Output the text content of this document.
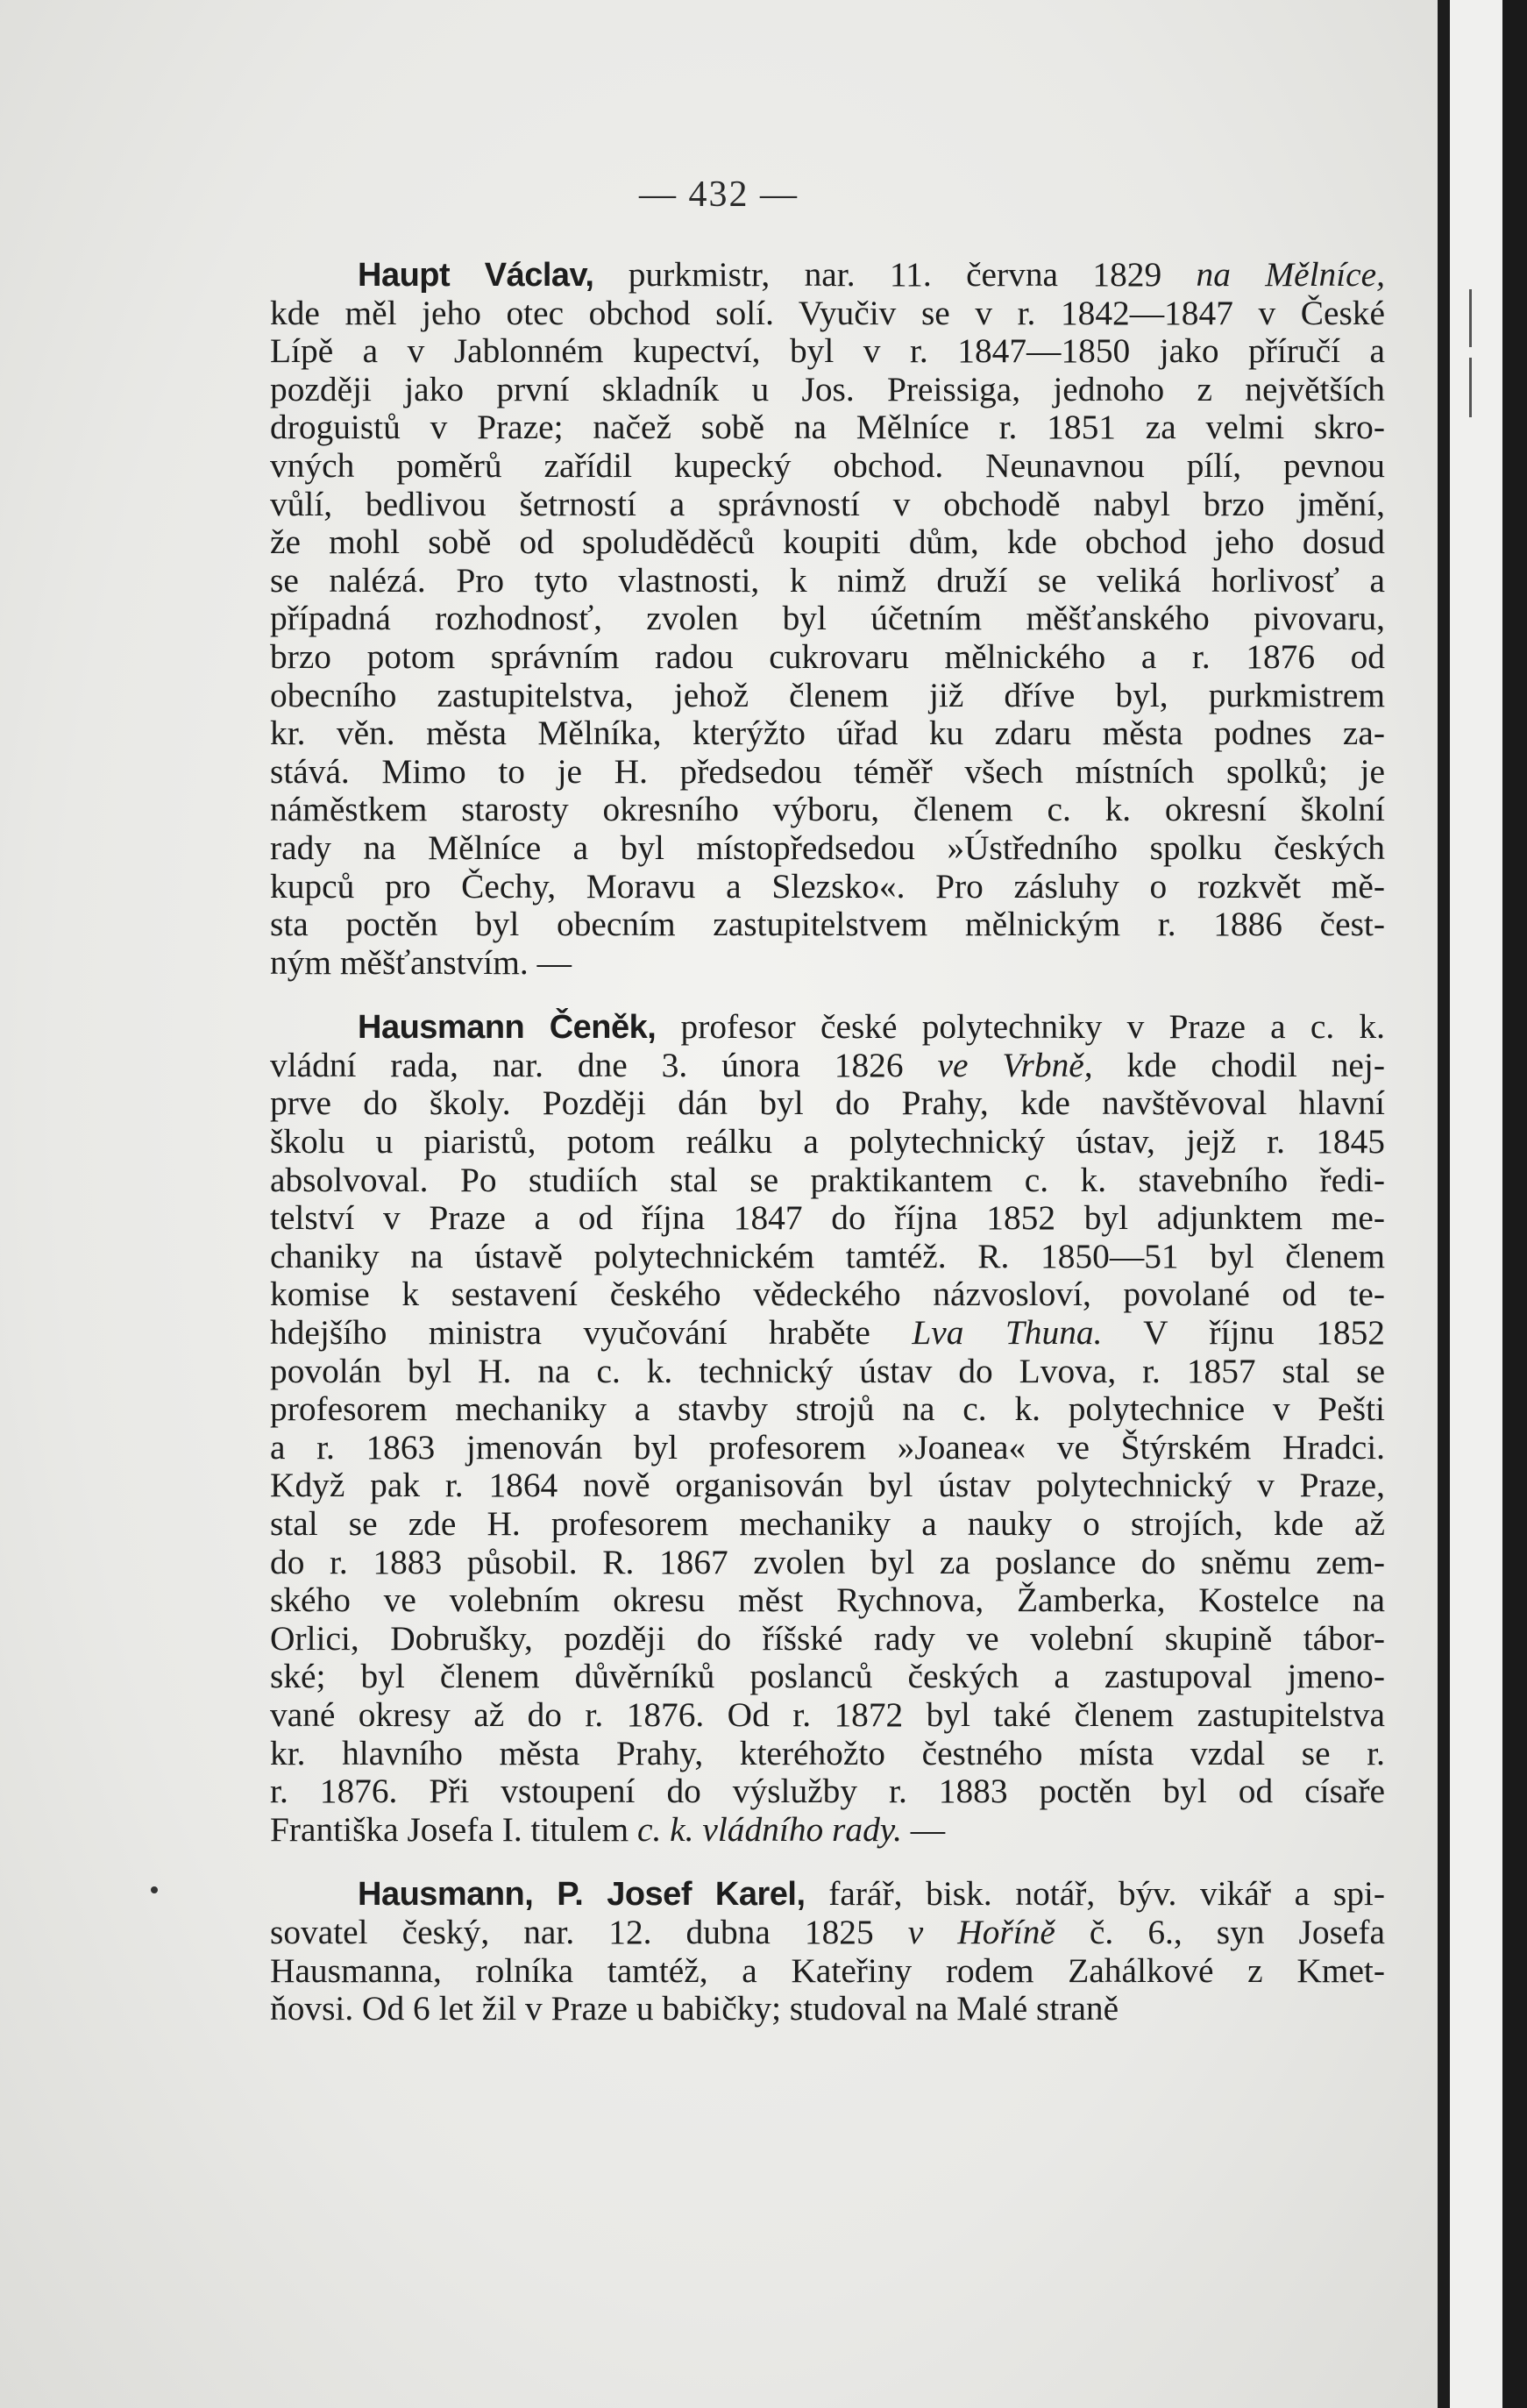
— 432 —
Haupt Václav, purkmistr, nar. 11. června 1829 na Mělníce,
kde měl jeho otec obchod solí. Vyučiv se v r. 1842—1847 v České
Lípě a v Jablonném kupectví, byl v r. 1847—1850 jako příručí a
později jako první skladník u Jos. Preissiga, jednoho z největších
droguistů v Praze; načež sobě na Mělníce r. 1851 za velmi skro-
vných poměrů zařídil kupecký obchod. Neunavnou pílí, pevnou
vůlí, bedlivou šetrností a správností v obchodě nabyl brzo jmění,
že mohl sobě od spoluděděců koupiti dům, kde obchod jeho dosud
se nalézá. Pro tyto vlastnosti, k nimž druží se veliká horlivosť a
případná rozhodnosť, zvolen byl účetním měšťanského pivovaru,
brzo potom správním radou cukrovaru mělnického a r. 1876 od
obecního zastupitelstva, jehož členem již dříve byl, purkmistrem
kr. věn. města Mělníka, kterýžto úřad ku zdaru města podnes za-
stává. Mimo to je H. předsedou téměř všech místních spolků; je
náměstkem starosty okresního výboru, členem c. k. okresní školní
rady na Mělníce a byl místopředsedou »Ústředního spolku českých
kupců pro Čechy, Moravu a Slezsko«. Pro zásluhy o rozkvět mě-
sta poctěn byl obecním zastupitelstvem mělnickým r. 1886 čest-
ným měšťanstvím. —
Hausmann Čeněk, profesor české polytechniky v Praze a c. k.
vládní rada, nar. dne 3. února 1826 ve Vrbně, kde chodil nej-
prve do školy. Později dán byl do Prahy, kde navštěvoval hlavní
školu u piaristů, potom reálku a polytechnický ústav, jejž r. 1845
absolvoval. Po studiích stal se praktikantem c. k. stavebního ředi-
telství v Praze a od října 1847 do října 1852 byl adjunktem me-
chaniky na ústavě polytechnickém tamtéž. R. 1850—51 byl členem
komise k sestavení českého vědeckého názvosloví, povolané od te-
hdejšího ministra vyučování hraběte Lva Thuna. V říjnu 1852
povolán byl H. na c. k. technický ústav do Lvova, r. 1857 stal se
profesorem mechaniky a stavby strojů na c. k. polytechnice v Pešti
a r. 1863 jmenován byl profesorem »Joanea« ve Štýrském Hradci.
Když pak r. 1864 nově organisován byl ústav polytechnický v Praze,
stal se zde H. profesorem mechaniky a nauky o strojích, kde až
do r. 1883 působil. R. 1867 zvolen byl za poslance do sněmu zem-
ského ve volebním okresu měst Rychnova, Žamberka, Kostelce na
Orlici, Dobrušky, později do říšské rady ve volební skupině tábor-
ské; byl členem důvěrníků poslanců českých a zastupoval jmeno-
vané okresy až do r. 1876. Od r. 1872 byl také členem zastupitelstva
kr. hlavního města Prahy, kteréhožto čestného místa vzdal se r.
r. 1876. Při vstoupení do výslužby r. 1883 poctěn byl od císaře
Františka Josefa I. titulem c. k. vládního rady. —
Hausmann, P. Josef Karel, farář, bisk. notář, býv. vikář a spi-
sovatel český, nar. 12. dubna 1825 v Hoříně č. 6., syn Josefa
Hausmanna, rolníka tamtéž, a Kateřiny rodem Zahálkové z Kmet-
ňovsi. Od 6 let žil v Praze u babičky; studoval na Malé straně
